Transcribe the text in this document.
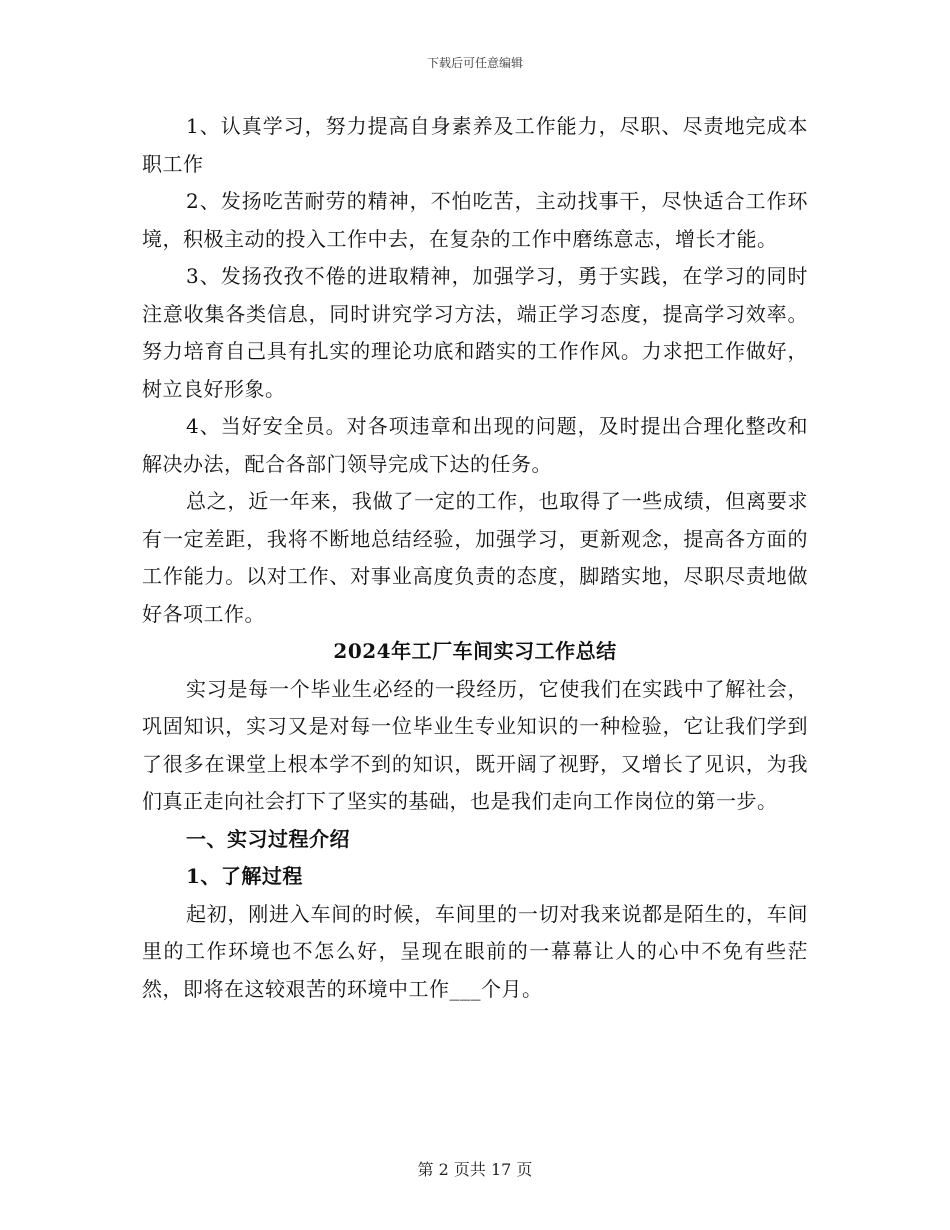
下载后可任意编辑

1、认真学习，努力提高自身素养及工作能力，尽职、尽责地完成本职工作

2、发扬吃苦耐劳的精神，不怕吃苦，主动找事干，尽快适合工作环境，积极主动的投入工作中去，在复杂的工作中磨练意志，增长才能。

3、发扬孜孜不倦的进取精神，加强学习，勇于实践，在学习的同时注意收集各类信息，同时讲究学习方法，端正学习态度，提高学习效率。努力培育自己具有扎实的理论功底和踏实的工作作风。力求把工作做好，树立良好形象。

4、当好安全员。对各项违章和出现的问题，及时提出合理化整改和解决办法，配合各部门领导完成下达的任务。

总之，近一年来，我做了一定的工作，也取得了一些成绩，但离要求有一定差距，我将不断地总结经验，加强学习，更新观念，提高各方面的工作能力。以对工作、对事业高度负责的态度，脚踏实地，尽职尽责地做好各项工作。

2024年工厂车间实习工作总结

实习是每一个毕业生必经的一段经历，它使我们在实践中了解社会，巩固知识，实习又是对每一位毕业生专业知识的一种检验，它让我们学到了很多在课堂上根本学不到的知识，既开阔了视野，又增长了见识，为我们真正走向社会打下了坚实的基础，也是我们走向工作岗位的第一步。

一、实习过程介绍

1、了解过程

起初，刚进入车间的时候，车间里的一切对我来说都是陌生的，车间里的工作环境也不怎么好，呈现在眼前的一幕幕让人的心中不免有些茫然，即将在这较艰苦的环境中工作___个月。

第 2 页共 17 页
